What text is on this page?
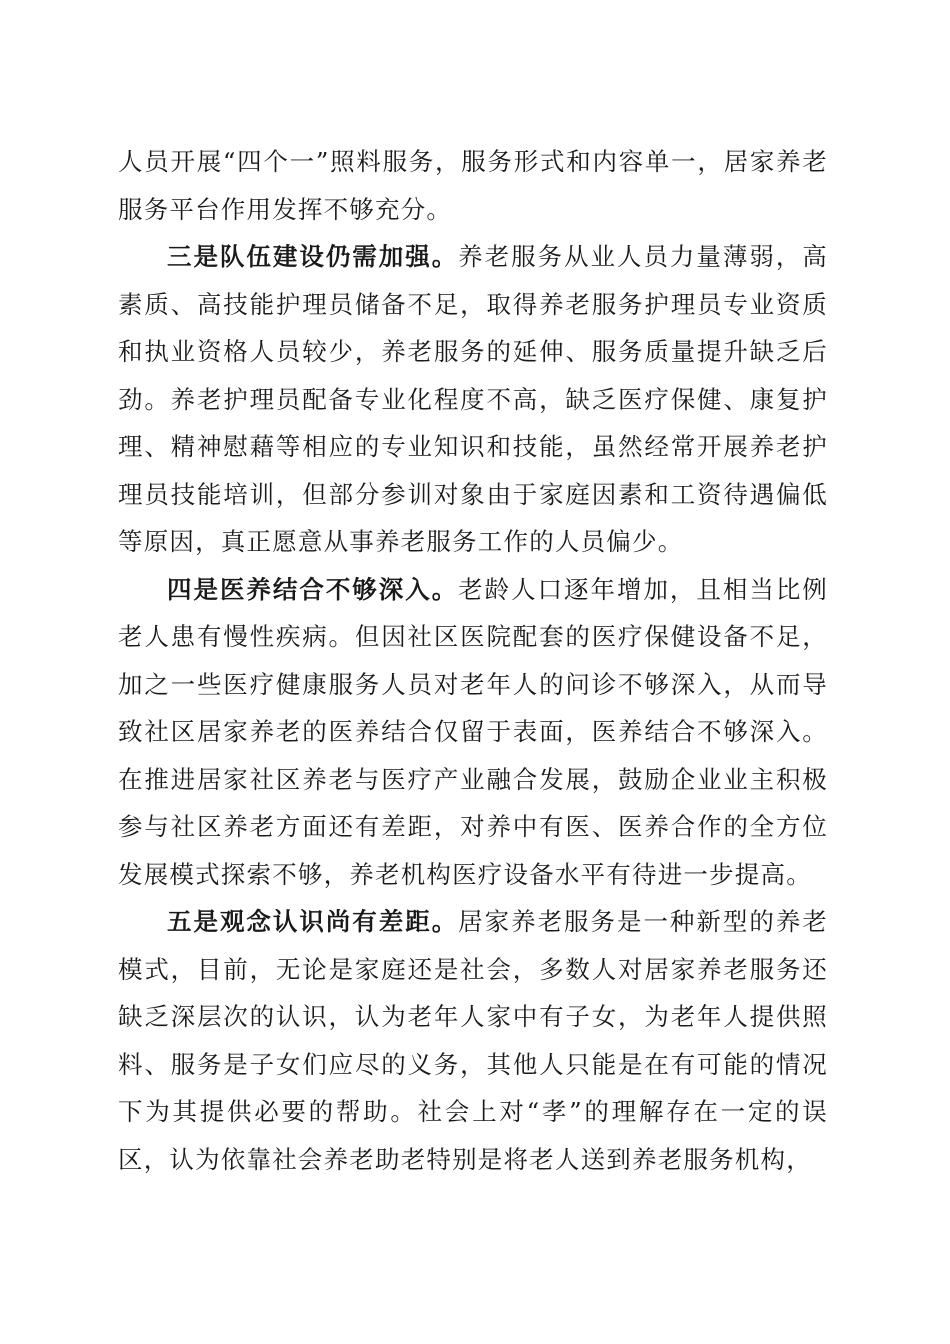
人员开展“四个一”照料服务，服务形式和内容单一，居家养老服务平台作用发挥不够充分。

三是队伍建设仍需加强。养老服务从业人员力量薄弱，高素质、高技能护理员储备不足，取得养老服务护理员专业资质和执业资格人员较少，养老服务的延伸、服务质量提升缺乏后劲。养老护理员配备专业化程度不高，缺乏医疗保健、康复护理、精神慰藉等相应的专业知识和技能，虽然经常开展养老护理员技能培训，但部分参训对象由于家庭因素和工资待遇偏低等原因，真正愿意从事养老服务工作的人员偏少。

四是医养结合不够深入。老龄人口逐年增加，且相当比例老人患有慢性疾病。但因社区医院配套的医疗保健设备不足，加之一些医疗健康服务人员对老年人的问诊不够深入，从而导致社区居家养老的医养结合仅留于表面，医养结合不够深入。在推进居家社区养老与医疗产业融合发展，鼓励企业业主积极参与社区养老方面还有差距，对养中有医、医养合作的全方位发展模式探索不够，养老机构医疗设备水平有待进一步提高。

五是观念认识尚有差距。居家养老服务是一种新型的养老模式，目前，无论是家庭还是社会，多数人对居家养老服务还缺乏深层次的认识，认为老年人家中有子女，为老年人提供照料、服务是子女们应尽的义务，其他人只能是在有可能的情况下为其提供必要的帮助。社会上对“孝”的理解存在一定的误区，认为依靠社会养老助老特别是将老人送到养老服务机构，
